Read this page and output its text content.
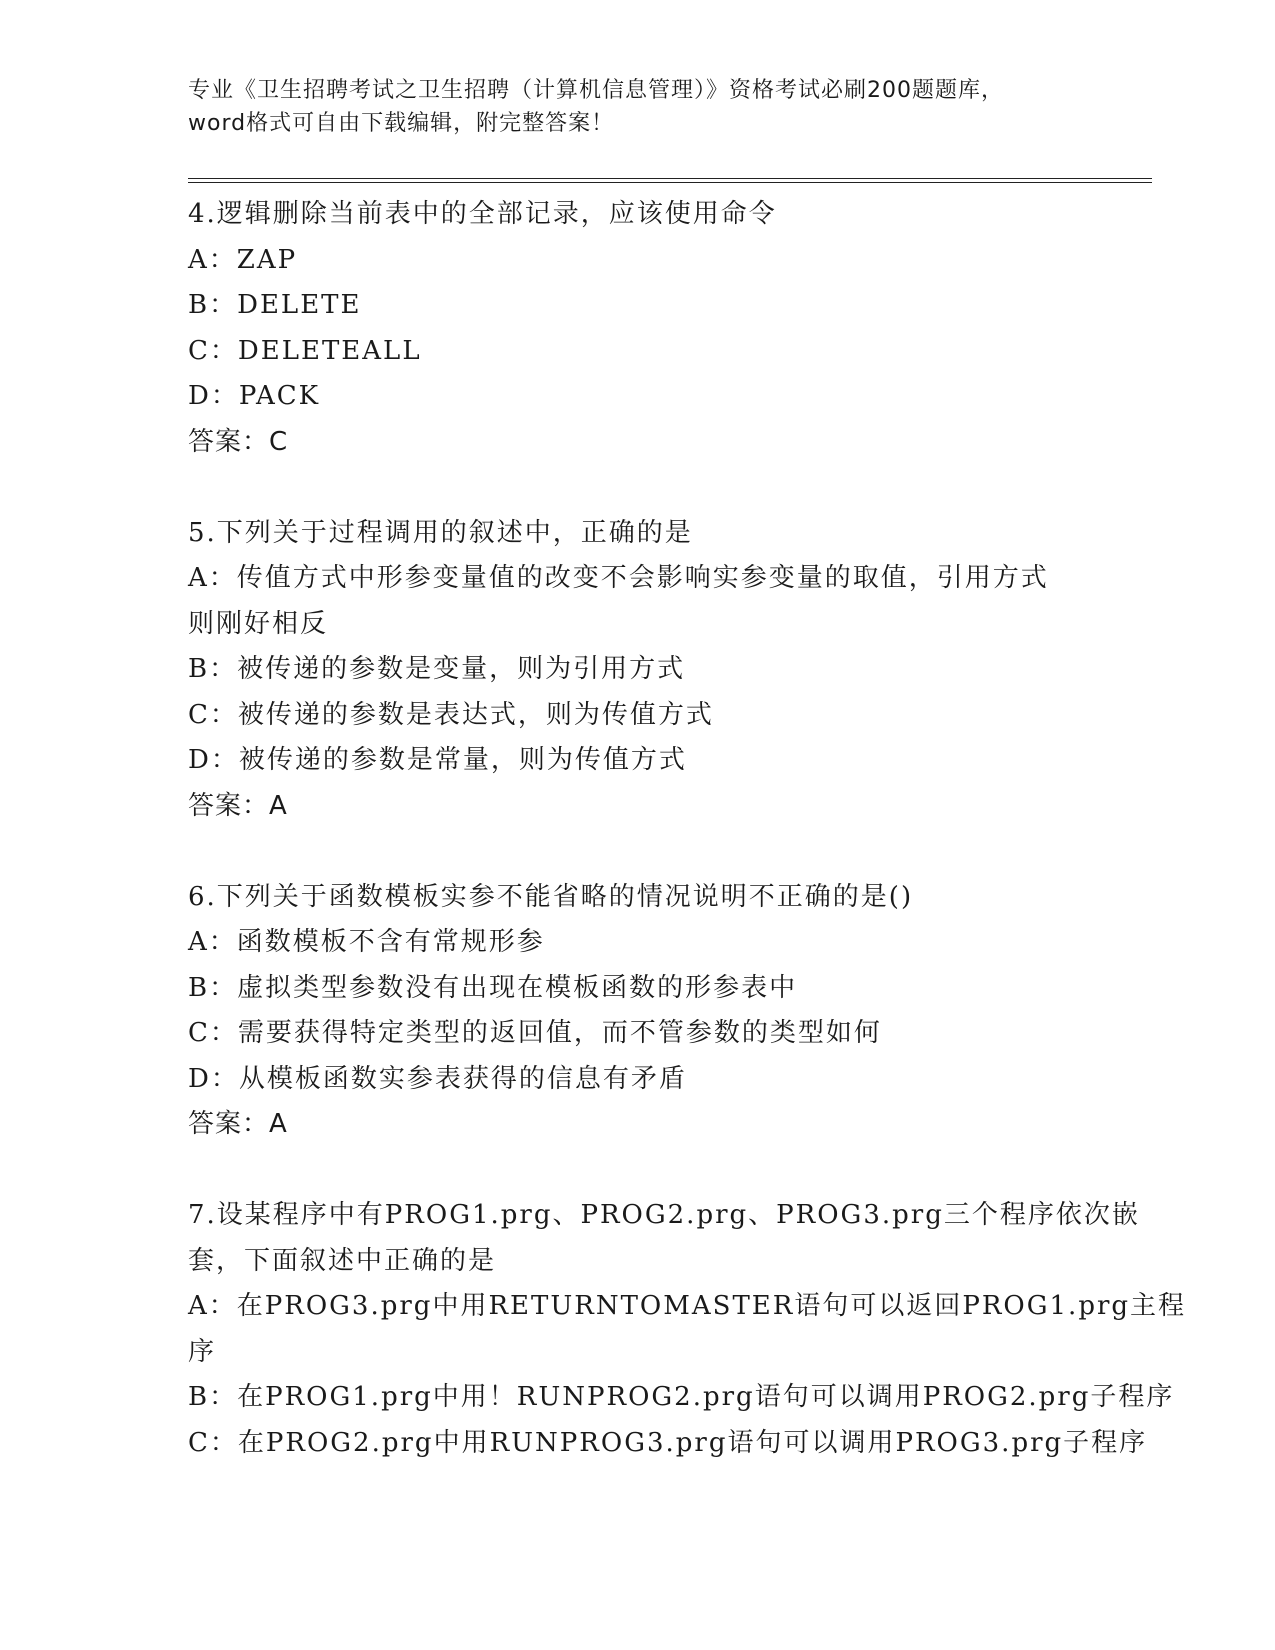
专业《卫生招聘考试之卫生招聘（计算机信息管理）》资格考试必刷200题题库，

word格式可自由下载编辑，附完整答案！

4.逻辑删除当前表中的全部记录，应该使用命令

A：ZAP

B：DELETE

C：DELETEALL

D：PACK

答案：C

5.下列关于过程调用的叙述中，正确的是

A：传值方式中形参变量值的改变不会影响实参变量的取值，引用方式

则刚好相反

B：被传递的参数是变量，则为引用方式

C：被传递的参数是表达式，则为传值方式

D：被传递的参数是常量，则为传值方式

答案：A

6.下列关于函数模板实参不能省略的情况说明不正确的是()

A：函数模板不含有常规形参

B：虚拟类型参数没有出现在模板函数的形参表中

C：需要获得特定类型的返回值，而不管参数的类型如何

D：从模板函数实参表获得的信息有矛盾

答案：A

7.设某程序中有PROG1.prg、PROG2.prg、PROG3.prg三个程序依次嵌

套，下面叙述中正确的是

A：在PROG3.prg中用RETURNTOMASTER语句可以返回PROG1.prg主程

序

B：在PROG1.prg中用！RUNPROG2.prg语句可以调用PROG2.prg子程序

C：在PROG2.prg中用RUNPROG3.prg语句可以调用PROG3.prg子程序
